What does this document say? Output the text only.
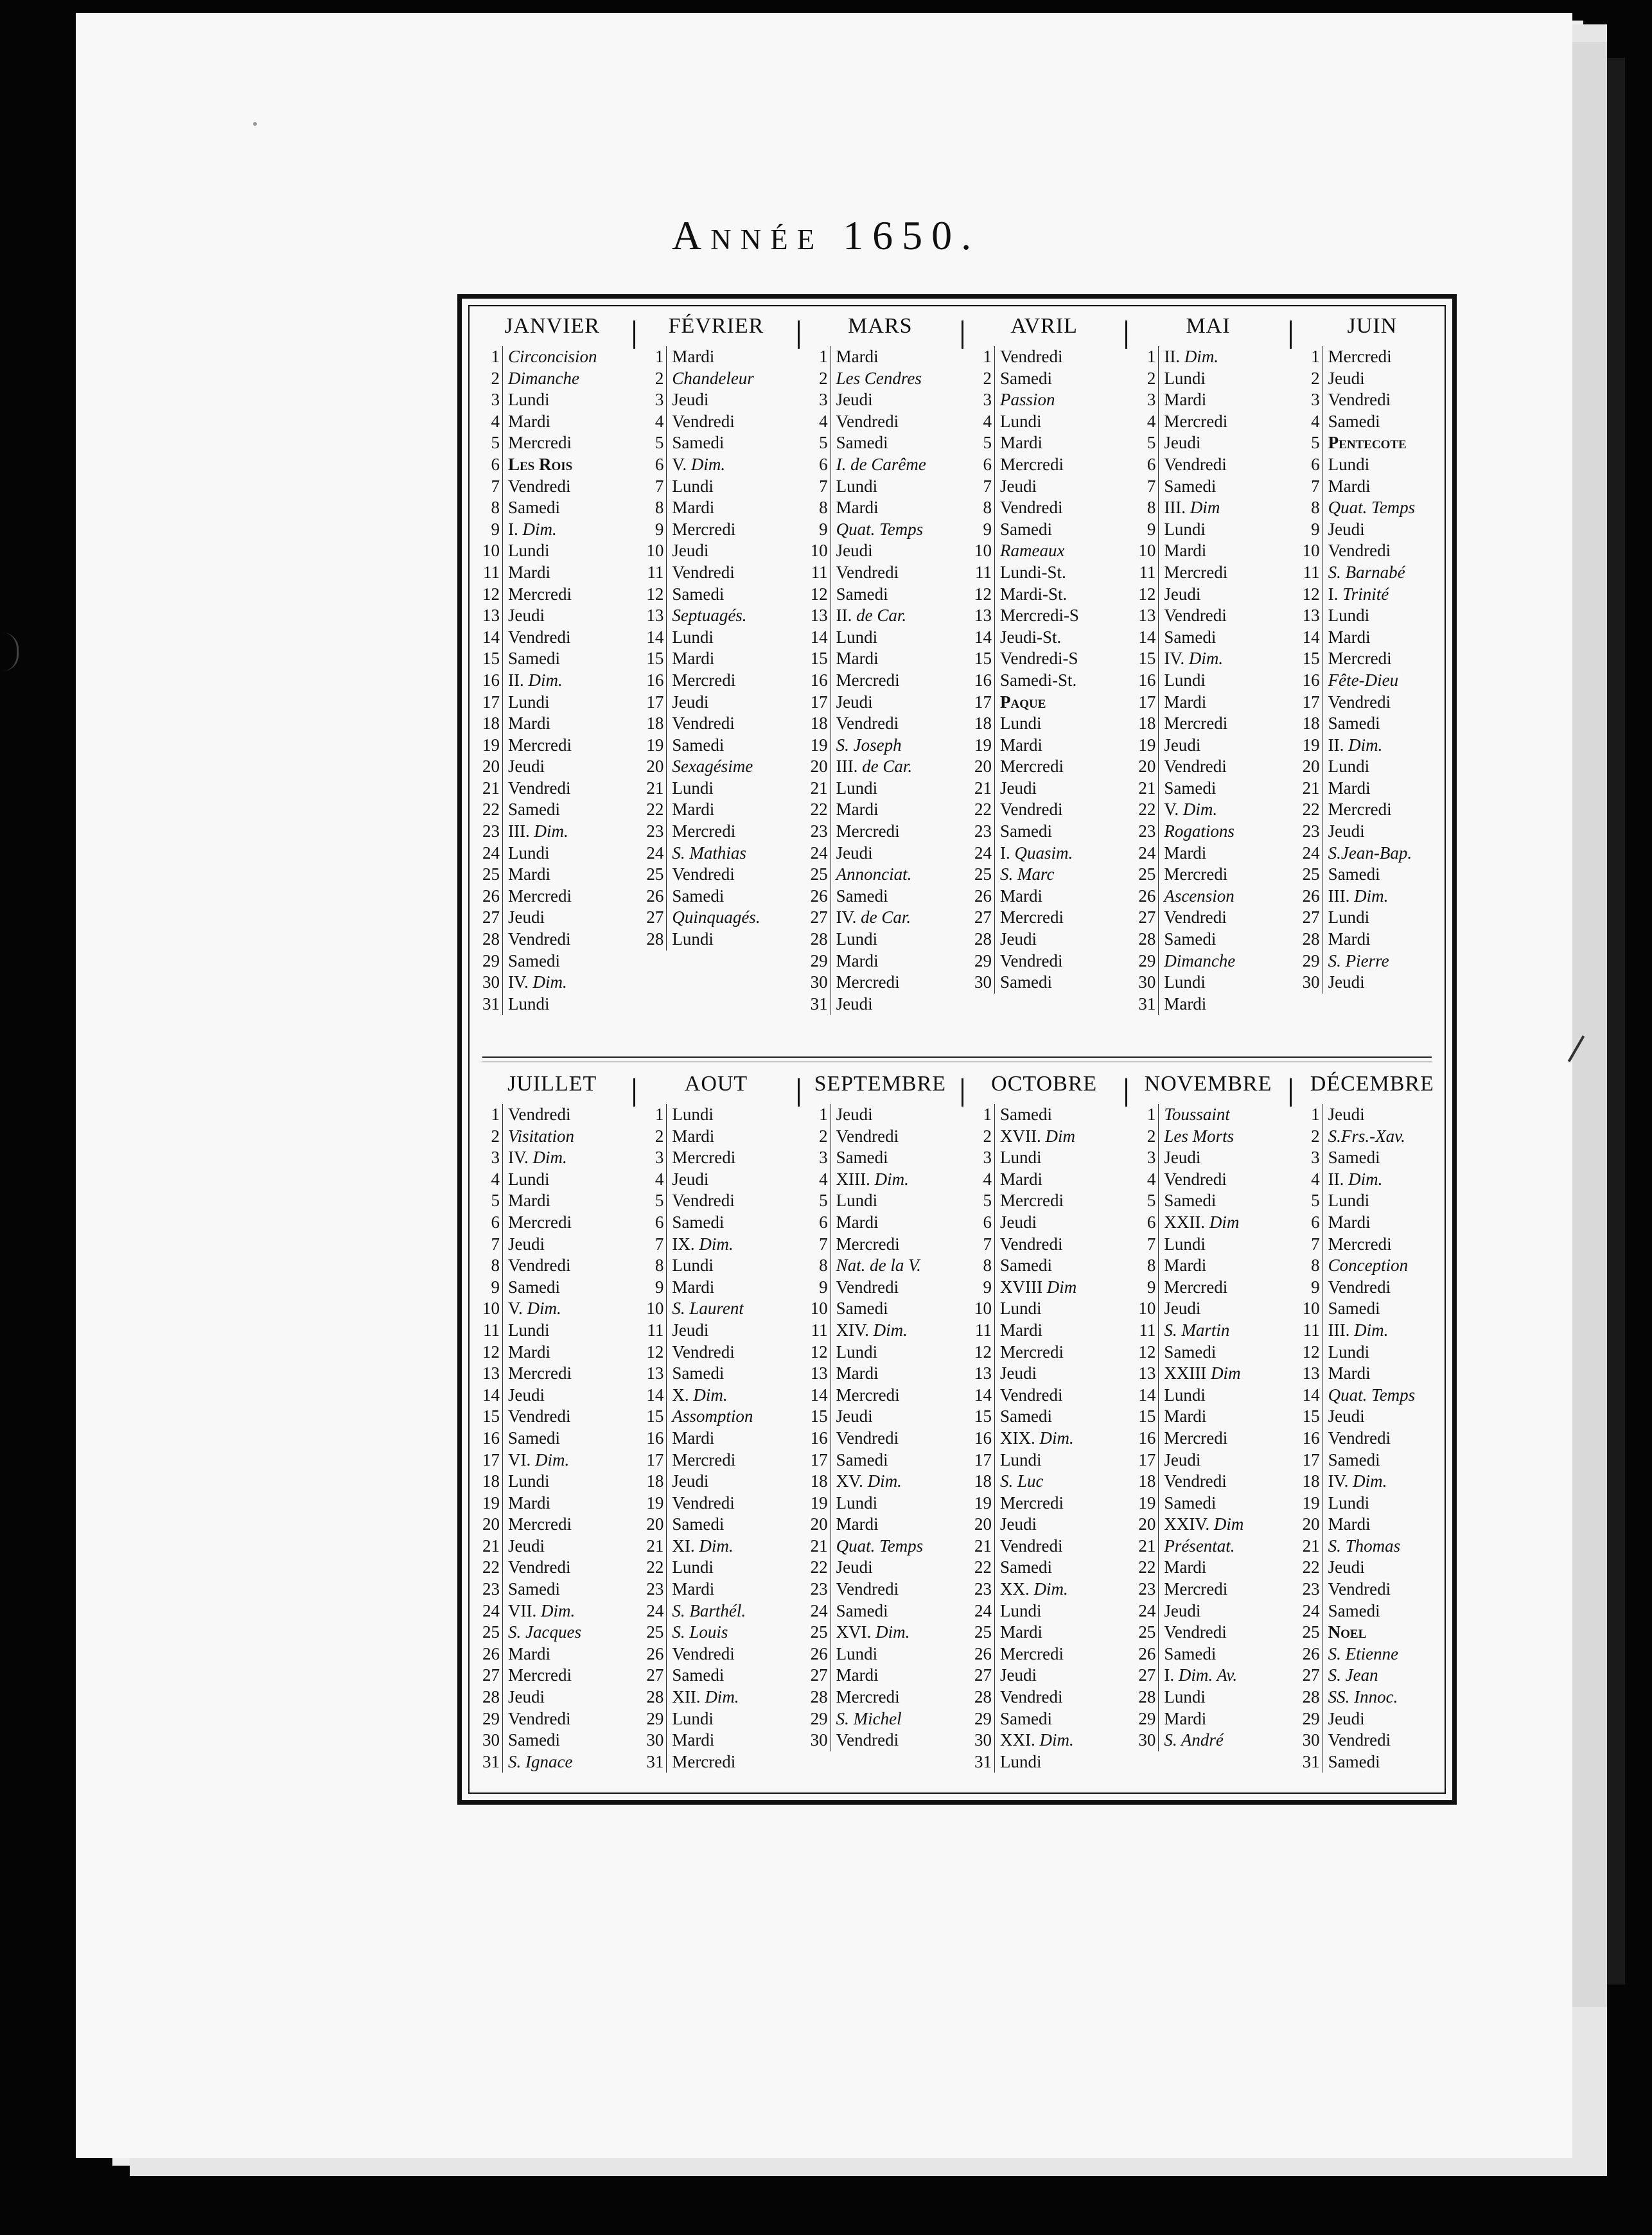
Année 1650.
JANVIER
1 Circoncision
2 Dimanche
3 Lundi
4 Mardi
5 Mercredi
6 Les Rois
7 Vendredi
8 Samedi
9 I. Dim.
10 Lundi
11 Mardi
12 Mercredi
13 Jeudi
14 Vendredi
15 Samedi
16 II. Dim.
17 Lundi
18 Mardi
19 Mercredi
20 Jeudi
21 Vendredi
22 Samedi
23 III. Dim.
24 Lundi
25 Mardi
26 Mercredi
27 Jeudi
28 Vendredi
29 Samedi
30 IV. Dim.
31 Lundi
FÉVRIER
1 Mardi
2 Chandeleur
3 Jeudi
4 Vendredi
5 Samedi
6 V. Dim.
7 Lundi
8 Mardi
9 Mercredi
10 Jeudi
11 Vendredi
12 Samedi
13 Septuagés.
14 Lundi
15 Mardi
16 Mercredi
17 Jeudi
18 Vendredi
19 Samedi
20 Sexagésime
21 Lundi
22 Mardi
23 Mercredi
24 S. Mathias
25 Vendredi
26 Samedi
27 Quinquagés.
28 Lundi
MARS
1 Mardi
2 Les Cendres
3 Jeudi
4 Vendredi
5 Samedi
6 I. de Carême
7 Lundi
8 Mardi
9 Quat. Temps
10 Jeudi
11 Vendredi
12 Samedi
13 II. de Car.
14 Lundi
15 Mardi
16 Mercredi
17 Jeudi
18 Vendredi
19 S. Joseph
20 III. de Car.
21 Lundi
22 Mardi
23 Mercredi
24 Jeudi
25 Annonciat.
26 Samedi
27 IV. de Car.
28 Lundi
29 Mardi
30 Mercredi
31 Jeudi
AVRIL
1 Vendredi
2 Samedi
3 Passion
4 Lundi
5 Mardi
6 Mercredi
7 Jeudi
8 Vendredi
9 Samedi
10 Rameaux
11 Lundi-St.
12 Mardi-St.
13 Mercredi-S
14 Jeudi-St.
15 Vendredi-S
16 Samedi-St.
17 Paque
18 Lundi
19 Mardi
20 Mercredi
21 Jeudi
22 Vendredi
23 Samedi
24 I. Quasim.
25 S. Marc
26 Mardi
27 Mercredi
28 Jeudi
29 Vendredi
30 Samedi
MAI
1 II. Dim.
2 Lundi
3 Mardi
4 Mercredi
5 Jeudi
6 Vendredi
7 Samedi
8 III. Dim
9 Lundi
10 Mardi
11 Mercredi
12 Jeudi
13 Vendredi
14 Samedi
15 IV. Dim.
16 Lundi
17 Mardi
18 Mercredi
19 Jeudi
20 Vendredi
21 Samedi
22 V. Dim.
23 Rogations
24 Mardi
25 Mercredi
26 Ascension
27 Vendredi
28 Samedi
29 Dimanche
30 Lundi
31 Mardi
JUIN
1 Mercredi
2 Jeudi
3 Vendredi
4 Samedi
5 Pentecote
6 Lundi
7 Mardi
8 Quat. Temps
9 Jeudi
10 Vendredi
11 S. Barnabé
12 I. Trinité
13 Lundi
14 Mardi
15 Mercredi
16 Fête-Dieu
17 Vendredi
18 Samedi
19 II. Dim.
20 Lundi
21 Mardi
22 Mercredi
23 Jeudi
24 S.Jean-Bap.
25 Samedi
26 III. Dim.
27 Lundi
28 Mardi
29 S. Pierre
30 Jeudi
JUILLET
1 Vendredi
2 Visitation
3 IV. Dim.
4 Lundi
5 Mardi
6 Mercredi
7 Jeudi
8 Vendredi
9 Samedi
10 V. Dim.
11 Lundi
12 Mardi
13 Mercredi
14 Jeudi
15 Vendredi
16 Samedi
17 VI. Dim.
18 Lundi
19 Mardi
20 Mercredi
21 Jeudi
22 Vendredi
23 Samedi
24 VII. Dim.
25 S. Jacques
26 Mardi
27 Mercredi
28 Jeudi
29 Vendredi
30 Samedi
31 S. Ignace
AOUT
1 Lundi
2 Mardi
3 Mercredi
4 Jeudi
5 Vendredi
6 Samedi
7 IX. Dim.
8 Lundi
9 Mardi
10 S. Laurent
11 Jeudi
12 Vendredi
13 Samedi
14 X. Dim.
15 Assomption
16 Mardi
17 Mercredi
18 Jeudi
19 Vendredi
20 Samedi
21 XI. Dim.
22 Lundi
23 Mardi
24 S. Barthél.
25 S. Louis
26 Vendredi
27 Samedi
28 XII. Dim.
29 Lundi
30 Mardi
31 Mercredi
SEPTEMBRE
1 Jeudi
2 Vendredi
3 Samedi
4 XIII. Dim.
5 Lundi
6 Mardi
7 Mercredi
8 Nat. de la V.
9 Vendredi
10 Samedi
11 XIV. Dim.
12 Lundi
13 Mardi
14 Mercredi
15 Jeudi
16 Vendredi
17 Samedi
18 XV. Dim.
19 Lundi
20 Mardi
21 Quat. Temps
22 Jeudi
23 Vendredi
24 Samedi
25 XVI. Dim.
26 Lundi
27 Mardi
28 Mercredi
29 S. Michel
30 Vendredi
OCTOBRE
1 Samedi
2 XVII. Dim
3 Lundi
4 Mardi
5 Mercredi
6 Jeudi
7 Vendredi
8 Samedi
9 XVIII Dim
10 Lundi
11 Mardi
12 Mercredi
13 Jeudi
14 Vendredi
15 Samedi
16 XIX. Dim.
17 Lundi
18 S. Luc
19 Mercredi
20 Jeudi
21 Vendredi
22 Samedi
23 XX. Dim.
24 Lundi
25 Mardi
26 Mercredi
27 Jeudi
28 Vendredi
29 Samedi
30 XXI. Dim.
31 Lundi
NOVEMBRE
1 Toussaint
2 Les Morts
3 Jeudi
4 Vendredi
5 Samedi
6 XXII. Dim
7 Lundi
8 Mardi
9 Mercredi
10 Jeudi
11 S. Martin
12 Samedi
13 XXIII Dim
14 Lundi
15 Mardi
16 Mercredi
17 Jeudi
18 Vendredi
19 Samedi
20 XXIV. Dim
21 Présentat.
22 Mardi
23 Mercredi
24 Jeudi
25 Vendredi
26 Samedi
27 I. Dim. Av.
28 Lundi
29 Mardi
30 S. André
DÉCEMBRE
1 Jeudi
2 S.Frs.-Xav.
3 Samedi
4 II. Dim.
5 Lundi
6 Mardi
7 Mercredi
8 Conception
9 Vendredi
10 Samedi
11 III. Dim.
12 Lundi
13 Mardi
14 Quat. Temps
15 Jeudi
16 Vendredi
17 Samedi
18 IV. Dim.
19 Lundi
20 Mardi
21 S. Thomas
22 Jeudi
23 Vendredi
24 Samedi
25 Noel
26 S. Etienne
27 S. Jean
28 SS. Innoc.
29 Jeudi
30 Vendredi
31 Samedi
